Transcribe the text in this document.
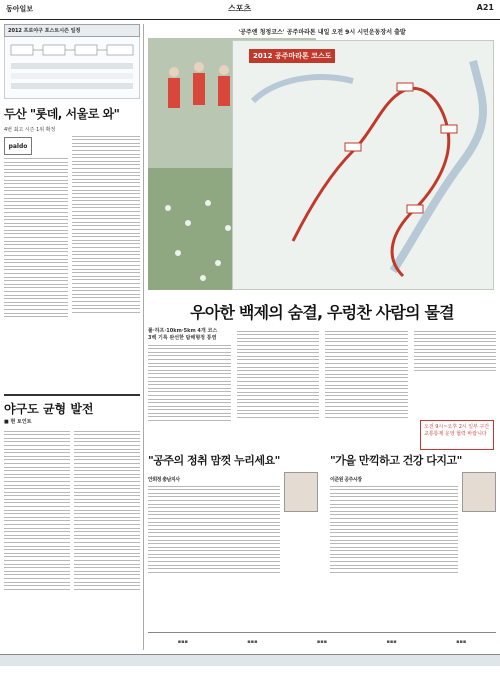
동아일보	스포츠	A21
2012 프로야구 포스트시즌 일정
두산 "롯데, 서울로 와"
4번 최고 시즌 1위 확정
paldo
야구도 균형 발전
■ 현 토인트
'공주엔 청정코스' 공주마라톤 내일 오전 9시 시민운동장서 출발
2012 공주마라톤 코스도
우아한 백제의 숨결, 우렁찬 사람의 물결
풀·하프·10km·5km 4개 코스
3백 기록 완선한 탐해형정 통염
오전 9시~오후 2시 일부 구간 교통통제 운영 협력 바랍니다
"공주의 정취 맘껏 누리세요"
안희정 충남지사
"가을 만끽하고 건강 다지고"
이준원 공주시장
▪▪▪	▪▪▪	▪▪▪	▪▪▪	▪▪▪
